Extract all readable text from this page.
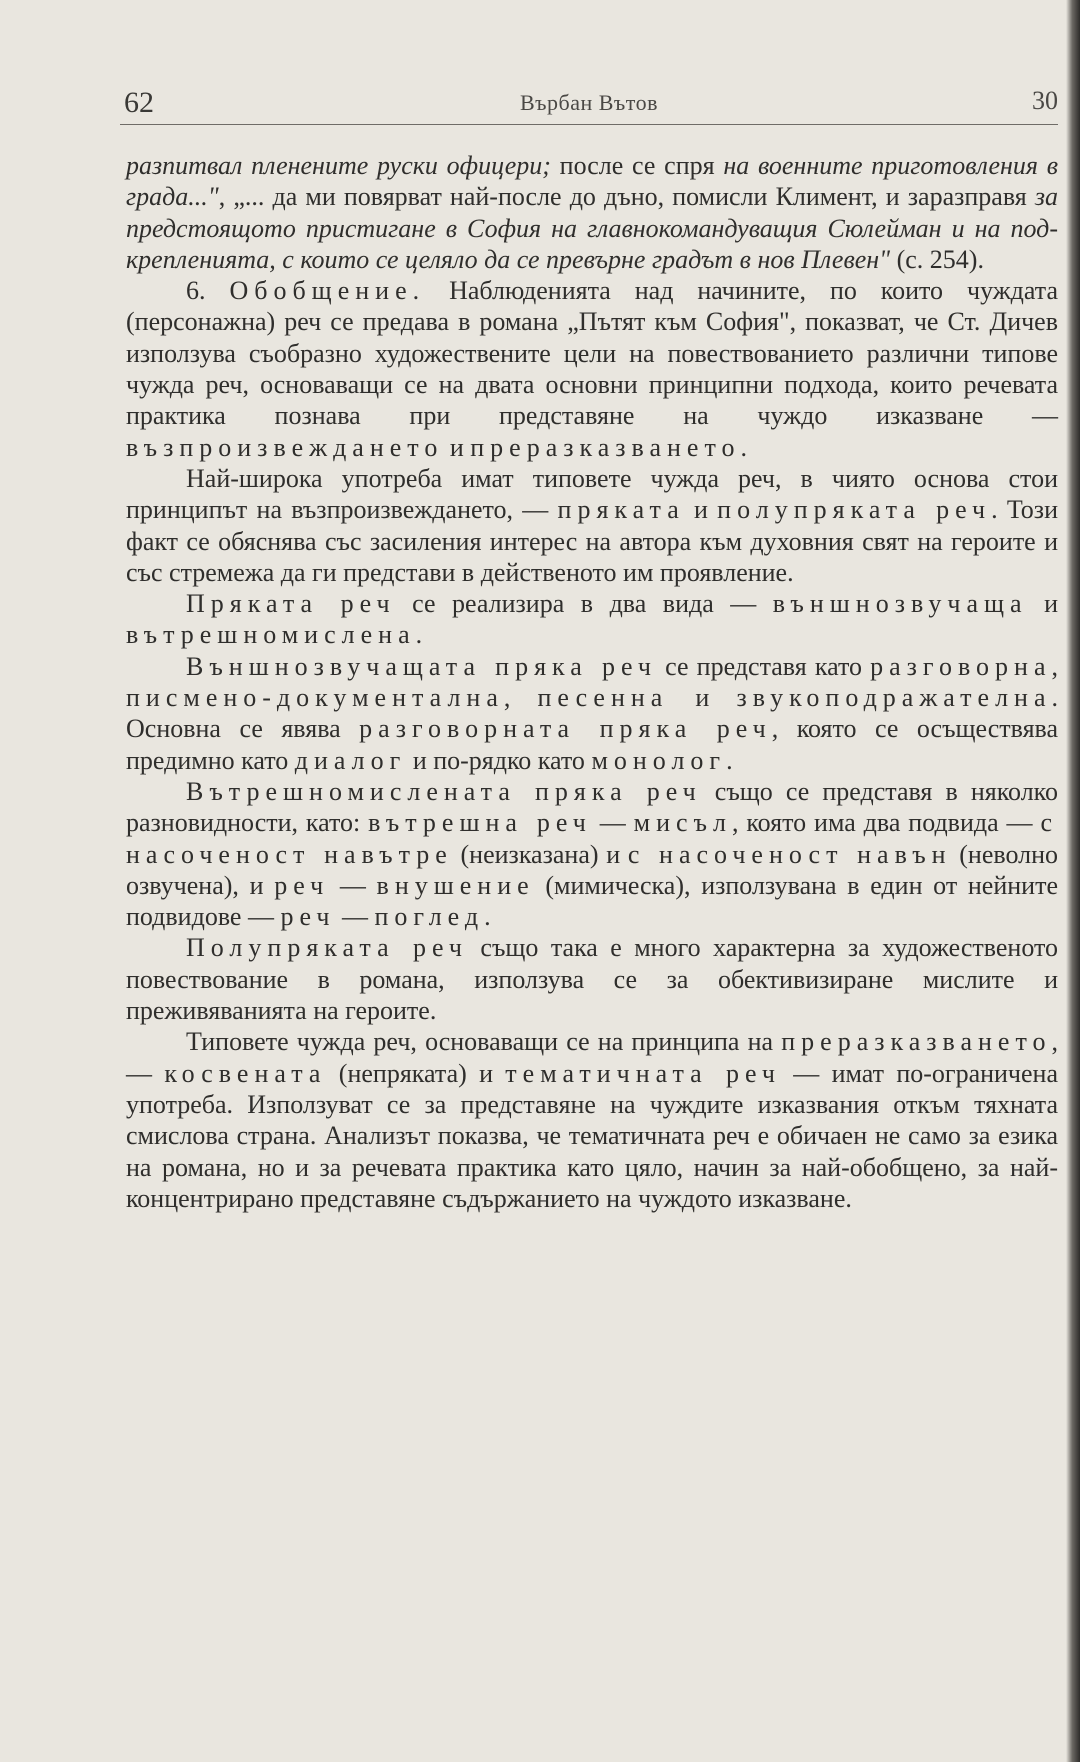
62	Върбан Вътов	30

разпитвал пленените руски офицери; после се спря на военните приготовления в града...", „... да ми повярват най-после до дъно, помисли Климент, и заразправя за предстоящото пристигане в София на главнокомандуващия Сюлейман и на подкрепленията, с които се целяло да се превърне градът в нов Плевен" (с. 254).

6. Обобщение. Наблюденията над начините, по които чуждата (персонажна) реч се предава в романа „Пътят към София", показват, че Ст. Дичев използува съобразно художествените цели на повествованието различни типове чужда реч, основаващи се на двата основни принципни подхода, които речевата практика познава при представяне на чуждо изказване — възпроизвеждането и преразказването.

Най-широка употреба имат типовете чужда реч, в чиято основа стои принципът на възпроизвеждането, — пряката и полупряката реч. Този факт се обяснява със засиления интерес на автора към духовния свят на героите и със стремежа да ги представи в действеното им проявление.

Пряката реч се реализира в два вида — външнозвучаща и вътрешномислена.

Външнозвучащата пряка реч се представя като разговорна, писмено-документална, песенна и звукоподражателна. Основна се явява разговорната пряка реч, която се осъществява предимно като диалог и по-рядко като монолог.

Вътрешномислената пряка реч също се представя в няколко разновидности, като: вътрешна реч — мисъл, която има два подвида — с насоченост навътре (неизказана) и с насоченост навън (неволно озвучена), и реч — внушение (мимическа), използувана в един от нейните подвидове — реч — поглед.

Полупряката реч също така е много характерна за художественото повествование в романа, използува се за обективизиране мислите и преживяванията на героите.

Типовете чужда реч, основаващи се на принципа на преразказването, — косвената (непряката) и тематичната реч — имат по-ограничена употреба. Използуват се за представяне на чуждите изказвания откъм тяхната смислова страна. Анализът показва, че тематичната реч е обичаен не само за езика на романа, но и за речевата практика като цяло, начин за най-обобщено, за най-концентрирано представяне съдържанието на чуждото изказване.
